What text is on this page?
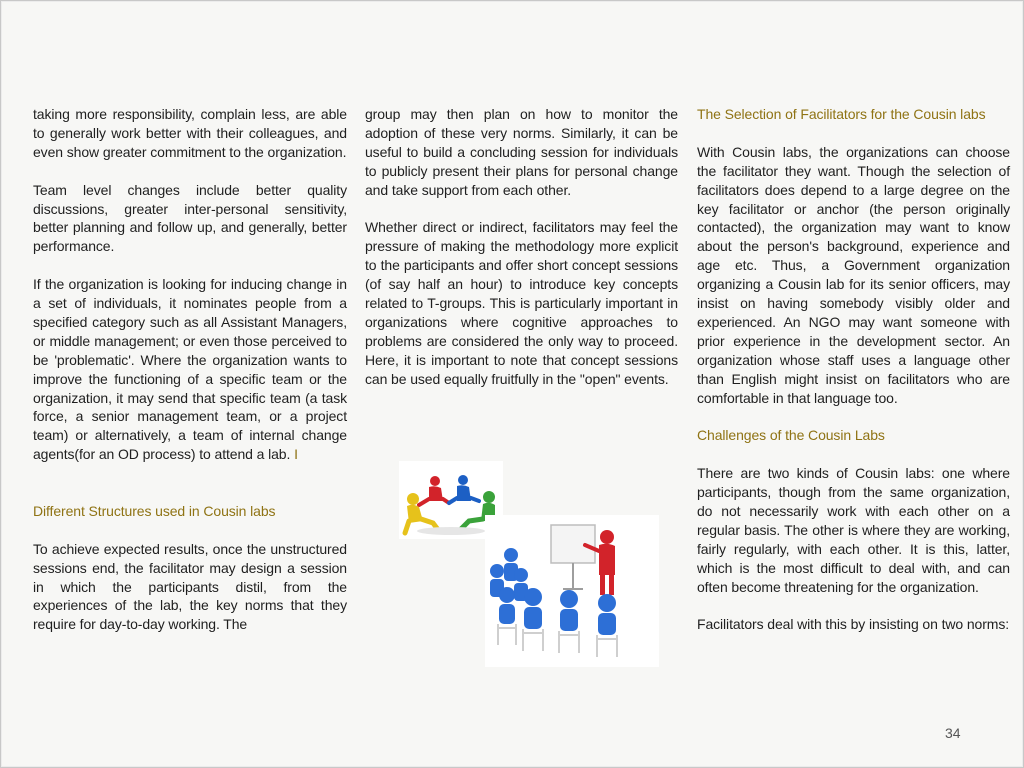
taking more responsibility, complain less, are able to generally work better with their colleagues, and even show greater commitment to the organization.

Team level changes include better quality discussions, greater inter-personal sensitivity, better planning and follow up, and generally, better performance.

If the organization is looking for inducing change in a set of individuals, it nominates people from a specified category such as all Assistant Managers, or middle management; or even those perceived to be 'problematic'. Where the organization wants to improve the functioning of a specific team or the organization, it may send that specific team (a task force, a senior management team, or a project team) or alternatively, a team of internal change agents(for an OD process) to attend a lab. I

Different Structures used in Cousin labs

To achieve expected results, once the unstructured sessions end, the facilitator may design a session in which the participants distil, from the experiences of the lab, the key norms that they require for day-to-day working. The

group may then plan on how to monitor the adoption of these very norms. Similarly, it can be useful to build a concluding session for individuals to publicly present their plans for personal change and take support from each other.

Whether direct or indirect, facilitators may feel the pressure of making the methodology more explicit to the participants and offer short concept sessions (of say half an hour) to introduce key concepts related to T-groups. This is particularly important in organizations where cognitive approaches to problems are considered the only way to proceed. Here, it is important to note that concept sessions can be used equally fruitfully in the "open" events.

The Selection of Facilitators for the Cousin labs

With Cousin labs, the organizations can choose the facilitator they want. Though the selection of facilitators does depend to a large degree on the key facilitator or anchor (the person originally contacted), the organization may want to know about the person's background, experience and age etc. Thus, a Government organization organizing a Cousin lab for its senior officers, may insist on having somebody visibly older and experienced. An NGO may want someone with prior experience in the development sector. An organization whose staff uses a language other than English might insist on facilitators who are comfortable in that language too.

Challenges of the Cousin Labs

There are two kinds of Cousin labs: one where participants, though from the same organization, do not necessarily work with each other on a regular basis. The other is where they are working, fairly regularly, with each other. It is this, latter, which is the most difficult to deal with, and can often become threatening for the organization.

Facilitators deal with this by insisting on two norms:

34
